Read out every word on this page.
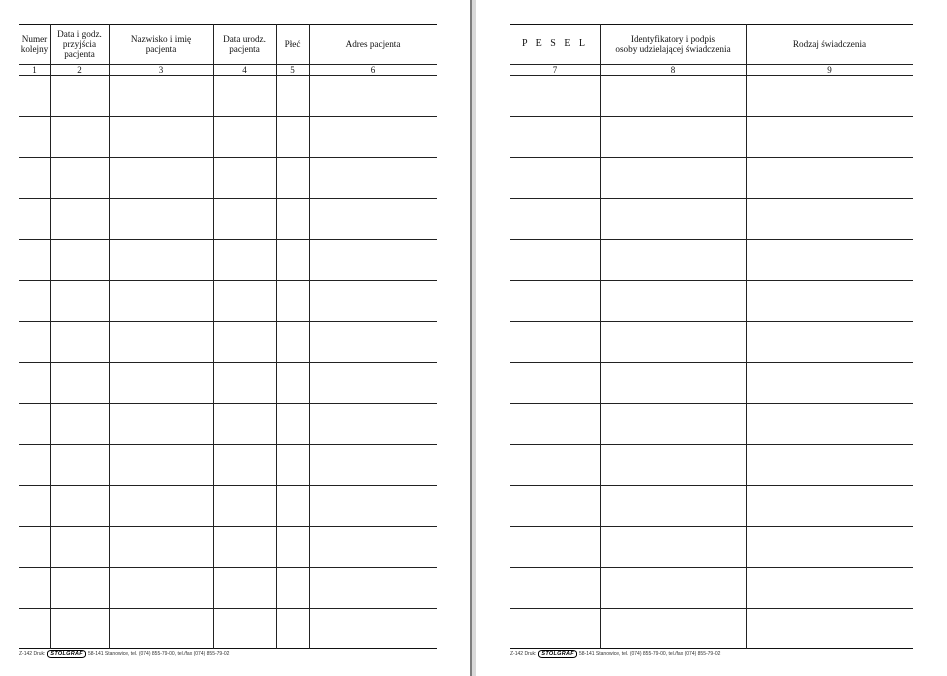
Numer
kolejny
1
Data i godz.
przyjścia
pacjenta
2
Nazwisko i imię
pacjenta
3
Data urodz.
pacjenta
4
Płeć
5
Adres pacjenta
6
Z-142 Druk: STOLGRAF	58-141 Stanowice, tel. (074) 855-79-00, tel./fax (074) 855-79-02
P E S E L
7
Identyfikatory i podpis
osoby udzielającej świadczenia
8
Rodzaj świadczenia
9
Z-142 Druk: STOLGRAF	58-141 Stanowice, tel. (074) 855-79-00, tel./fax (074) 855-79-02
